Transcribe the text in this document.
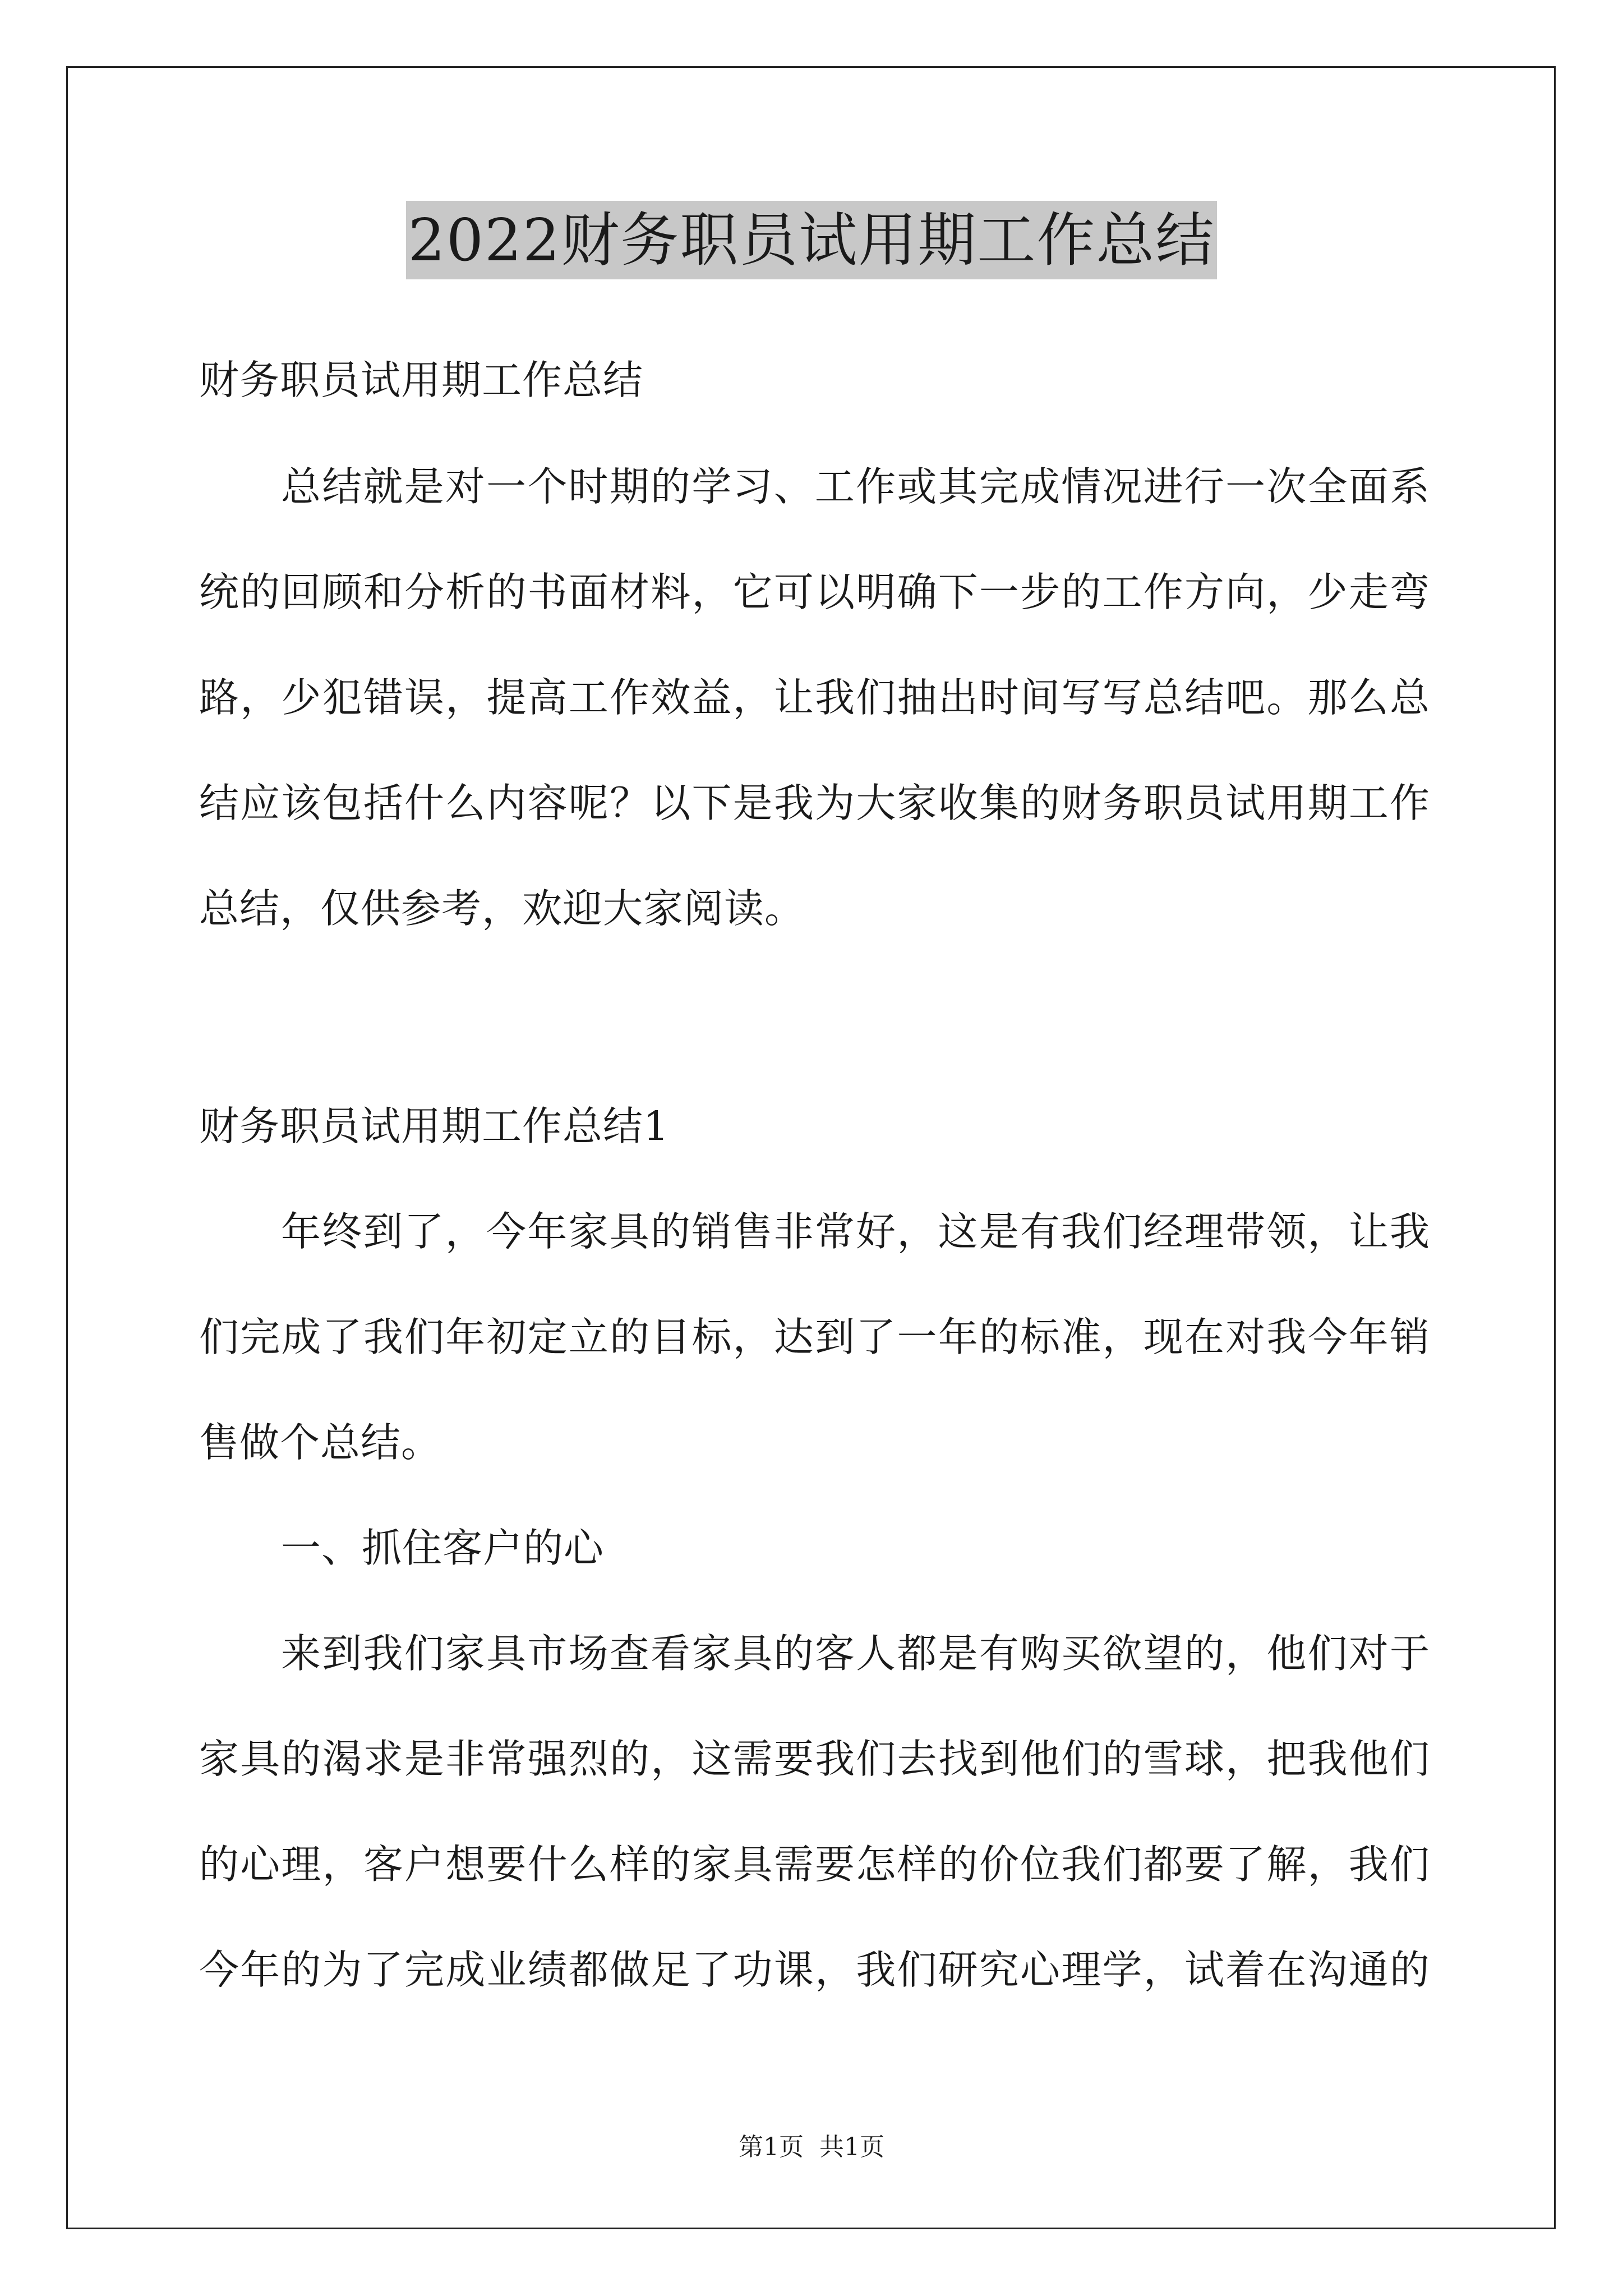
2022财务职员试用期工作总结
财务职员试用期工作总结
总结就是对一个时期的学习、工作或其完成情况进行一次全面系
统的回顾和分析的书面材料，它可以明确下一步的工作方向，少走弯
路，少犯错误，提高工作效益，让我们抽出时间写写总结吧。那么总
结应该包括什么内容呢？以下是我为大家收集的财务职员试用期工作
总结，仅供参考，欢迎大家阅读。
财务职员试用期工作总结1
年终到了，今年家具的销售非常好，这是有我们经理带领，让我
们完成了我们年初定立的目标，达到了一年的标准，现在对我今年销
售做个总结。
一、抓住客户的心
来到我们家具市场查看家具的客人都是有购买欲望的，他们对于
家具的渴求是非常强烈的，这需要我们去找到他们的雪球，把我他们
的心理，客户想要什么样的家具需要怎样的价位我们都要了解，我们
今年的为了完成业绩都做足了功课，我们研究心理学，试着在沟通的
第1页 共1页
